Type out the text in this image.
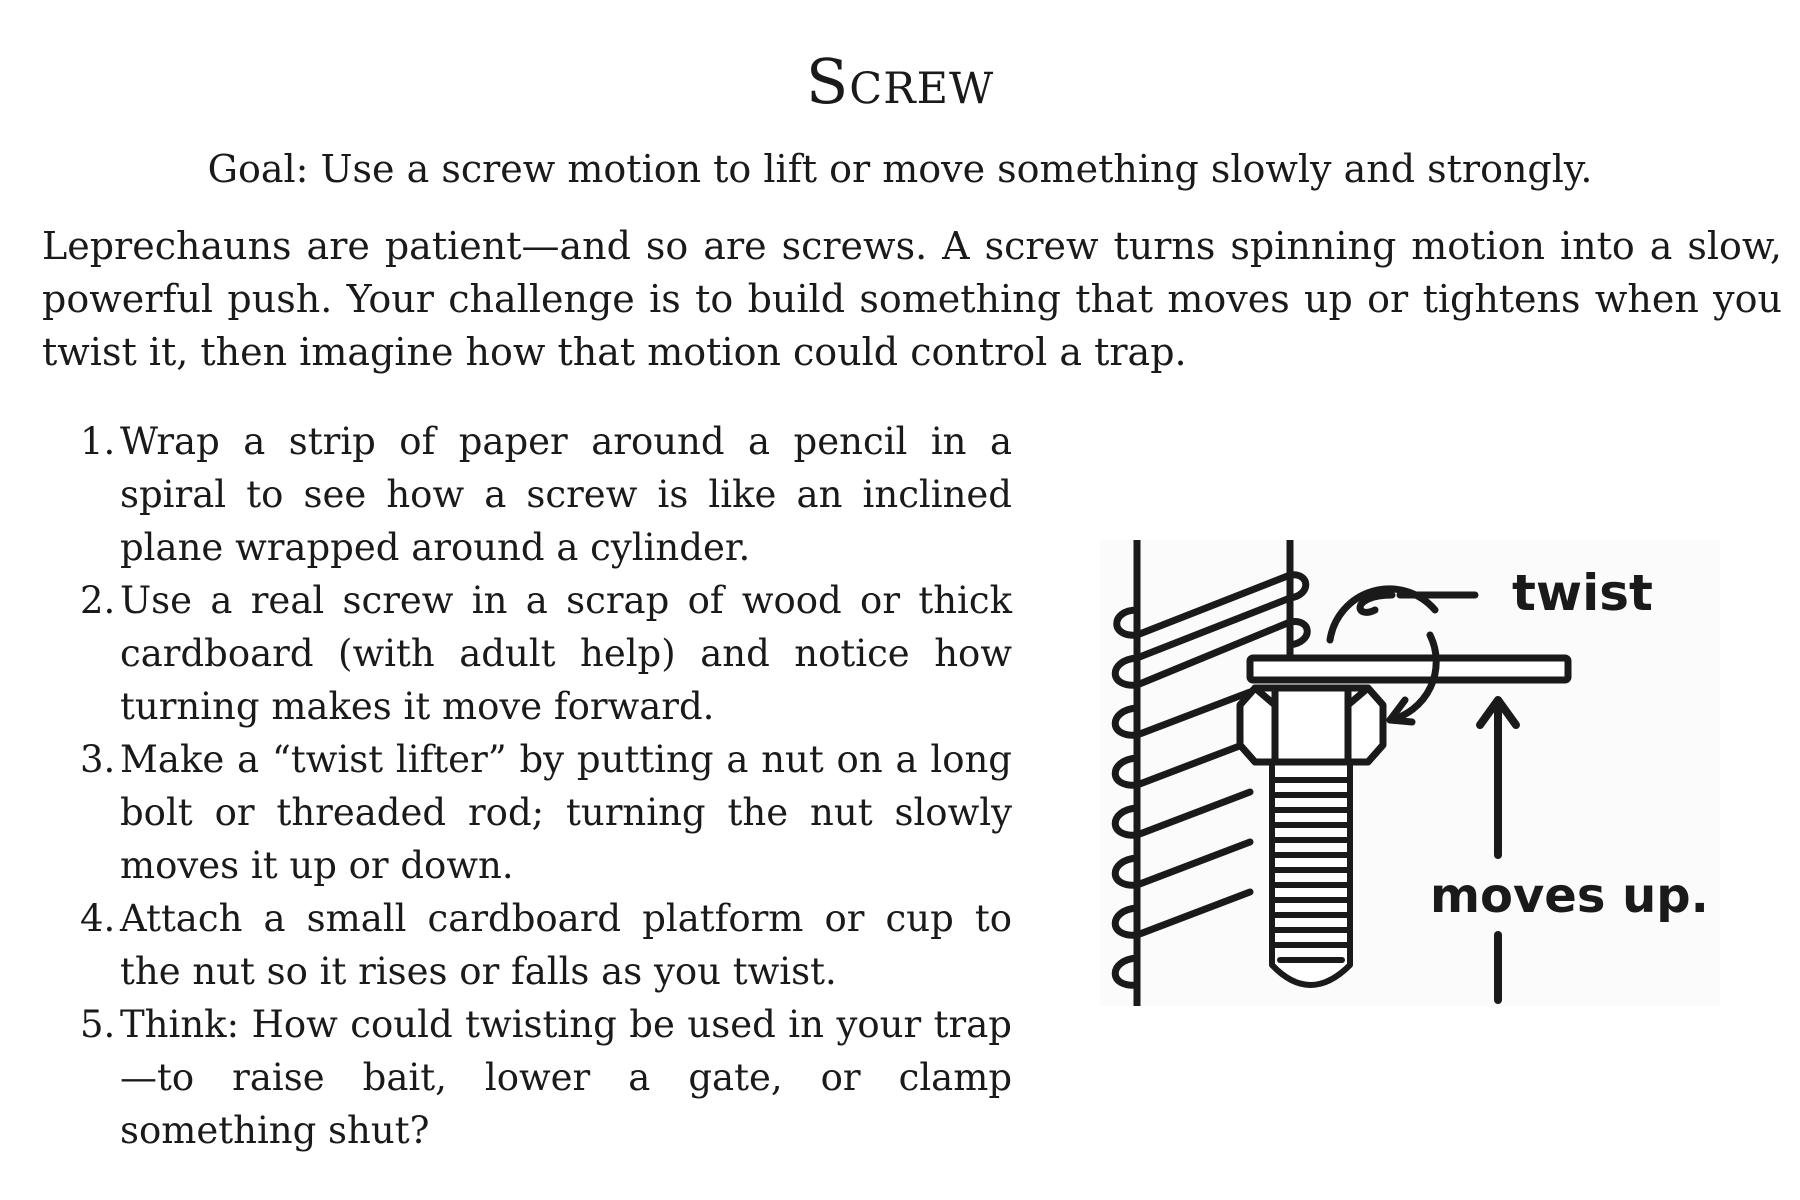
Screw

Goal: Use a screw motion to lift or move something slowly and strongly.

Leprechauns are patient—and so are screws. A screw turns spinning motion into a slow, powerful push. Your challenge is to build something that moves up or tightens when you twist it, then imagine how that motion could control a trap.

1. Wrap a strip of paper around a pencil in a spiral to see how a screw is like an inclined plane wrapped around a cylinder.
2. Use a real screw in a scrap of wood or thick cardboard (with adult help) and notice how turning makes it move forward.
3. Make a “twist lifter” by putting a nut on a long bolt or threaded rod; turning the nut slowly moves it up or down.
4. Attach a small cardboard platform or cup to the nut so it rises or falls as you twist.
5. Think: How could twisting be used in your trap—to raise bait, lower a gate, or clamp something shut?
twist
moves up.
